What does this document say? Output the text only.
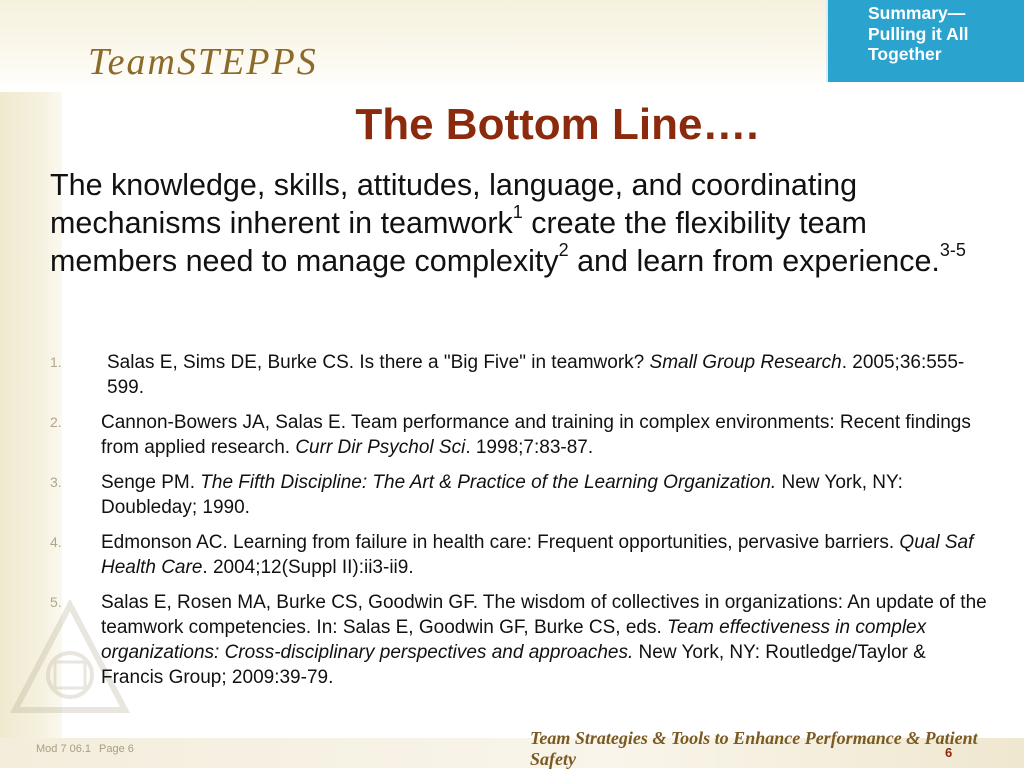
TeamSTEPPS
Summary—Pulling it All Together
The Bottom Line….
The knowledge, skills, attitudes, language, and coordinating mechanisms inherent in teamwork$^1$ create the flexibility team members need to manage complexity$^2$ and learn from experience.$^{3-5}$
1.	Salas E, Sims DE, Burke CS. Is there a "Big Five" in teamwork? Small Group Research. 2005;36:555-599.
2.	Cannon-Bowers JA, Salas E. Team performance and training in complex environments: Recent findings from applied research. Curr Dir Psychol Sci. 1998;7:83-87.
3.	Senge PM. The Fifth Discipline: The Art & Practice of the Learning Organization. New York, NY: Doubleday; 1990.
4.	Edmonson AC. Learning from failure in health care: Frequent opportunities, pervasive barriers. Qual Saf Health Care. 2004;12(Suppl II):ii3-ii9.
5.	Salas E, Rosen MA, Burke CS, Goodwin GF. The wisdom of collectives in organizations: An update of the teamwork competencies. In: Salas E, Goodwin GF, Burke CS, eds. Team effectiveness in complex organizations: Cross-disciplinary perspectives and approaches. New York, NY: Routledge/Taylor & Francis Group; 2009:39-79.
Mod 7 06.1 Page 6
Team Strategies & Tools to Enhance Performance & Patient Safety	6
